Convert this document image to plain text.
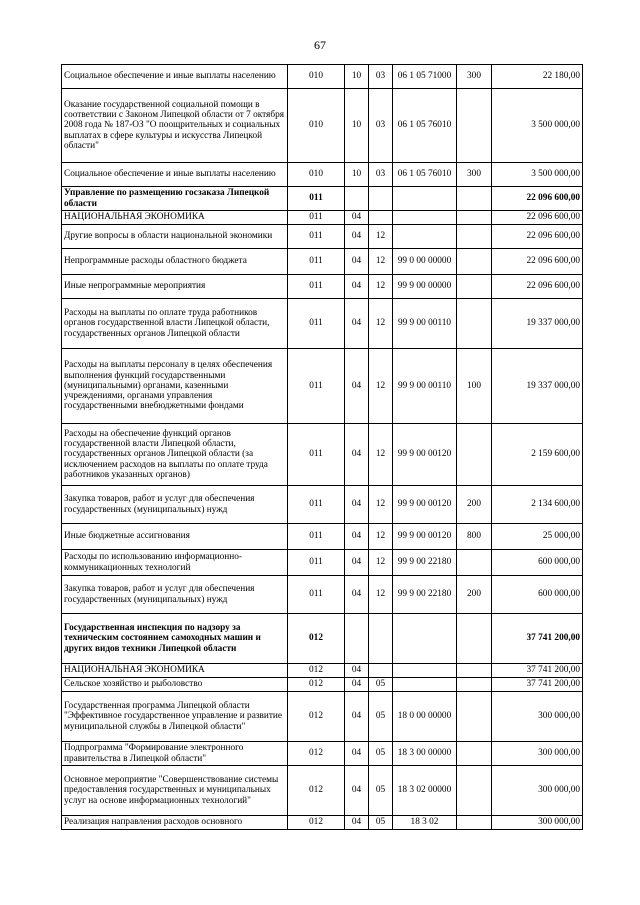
67
Социальное обеспечение и иные выплаты населению	010	10	03	06 1 05 71000	300	22 180,00
Оказание государственной социальной помощи в соответствии с Законом Липецкой области от 7 октября 2008 года № 187-ОЗ "О поощрительных и социальных выплатах в сфере культуры и искусства Липецкой области"	010	10	03	06 1 05 76010		3 500 000,00
Социальное обеспечение и иные выплаты населению	010	10	03	06 1 05 76010	300	3 500 000,00
Управление по размещению госзаказа Липецкой области	011					22 096 600,00
НАЦИОНАЛЬНАЯ ЭКОНОМИКА	011	04				22 096 600,00
Другие вопросы в области национальной экономики	011	04	12			22 096 600,00
Непрограммные расходы областного бюджета	011	04	12	99 0 00 00000		22 096 600,00
Иные непрограммные мероприятия	011	04	12	99 9 00 00000		22 096 600,00
Расходы на выплаты по оплате труда работников органов государственной власти Липецкой области, государственных органов Липецкой области	011	04	12	99 9 00 00110		19 337 000,00
Расходы на выплаты персоналу в целях обеспечения выполнения функций государственными (муниципальными) органами, казенными учреждениями, органами управления государственными внебюджетными фондами	011	04	12	99 9 00 00110	100	19 337 000,00
Расходы на обеспечение функций органов государственной власти Липецкой области, государственных органов Липецкой области (за исключением расходов на выплаты по оплате труда работников указанных органов)	011	04	12	99 9 00 00120		2 159 600,00
Закупка товаров, работ и услуг для обеспечения государственных (муниципальных) нужд	011	04	12	99 9 00 00120	200	2 134 600,00
Иные бюджетные ассигнования	011	04	12	99 9 00 00120	800	25 000,00
Расходы по использованию информационно-коммуникационных технологий	011	04	12	99 9 00 22180		600 000,00
Закупка товаров, работ и услуг для обеспечения государственных (муниципальных) нужд	011	04	12	99 9 00 22180	200	600 000,00
Государственная инспекция по надзору за техническим состоянием самоходных машин и других видов техники Липецкой области	012					37 741 200,00
НАЦИОНАЛЬНАЯ ЭКОНОМИКА	012	04				37 741 200,00
Сельское хозяйство и рыболовство	012	04	05			37 741 200,00
Государственная программа Липецкой области "Эффективное государственное управление и развитие муниципальной службы в Липецкой области"	012	04	05	18 0 00 00000		300 000,00
Подпрограмма "Формирование электронного правительства в Липецкой области"	012	04	05	18 3 00 00000		300 000,00
Основное мероприятие "Совершенствование системы предоставления государственных и муниципальных услуг на основе информационных технологий"	012	04	05	18 3 02 00000		300 000,00
Реализация направления расходов основного	012	04	05	18 3 02		300 000,00
